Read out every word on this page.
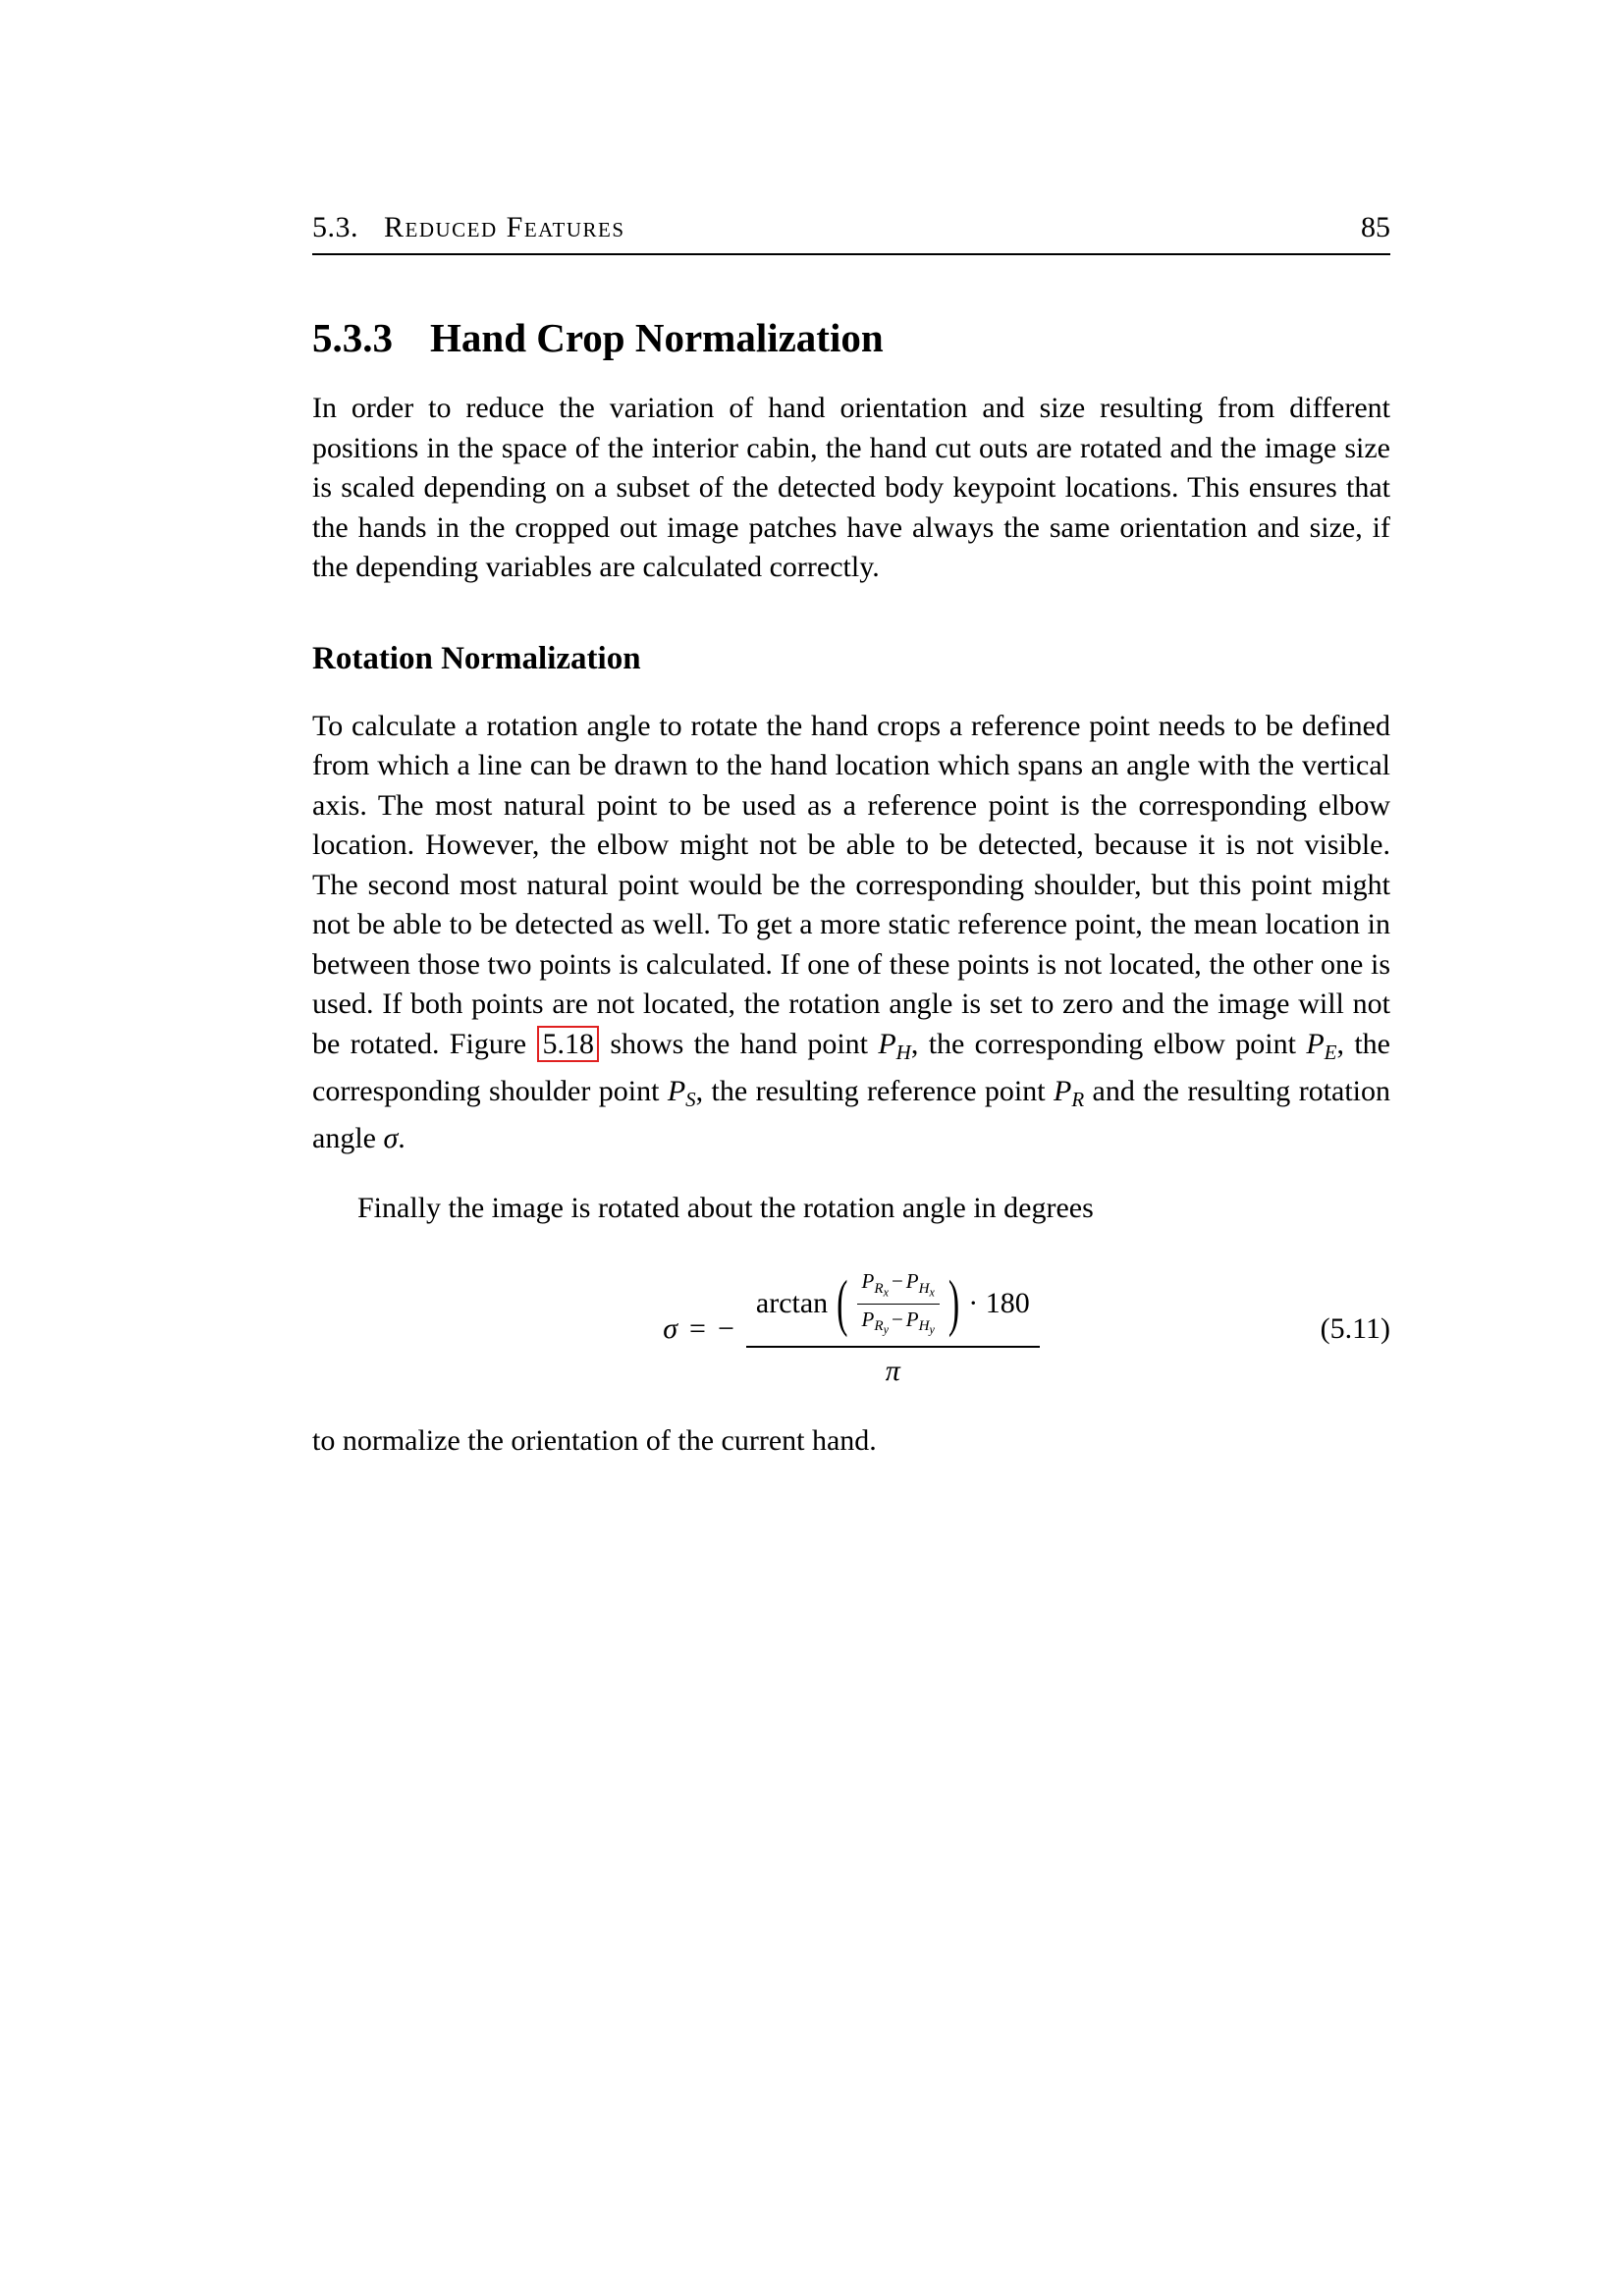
5.3. Reduced Features	85
5.3.3 Hand Crop Normalization

In order to reduce the variation of hand orientation and size resulting from different positions in the space of the interior cabin, the hand cut outs are rotated and the image size is scaled depending on a subset of the detected body keypoint locations. This ensures that the hands in the cropped out image patches have always the same orientation and size, if the depending variables are calculated correctly.

Rotation Normalization

To calculate a rotation angle to rotate the hand crops a reference point needs to be defined from which a line can be drawn to the hand location which spans an angle with the vertical axis. The most natural point to be used as a reference point is the corresponding elbow location. However, the elbow might not be able to be detected, because it is not visible. The second most natural point would be the corresponding shoulder, but this point might not be able to be detected as well. To get a more static reference point, the mean location in between those two points is calculated. If one of these points is not located, the other one is used. If both points are not located, the rotation angle is set to zero and the image will not be rotated. Figure 5.18 shows the hand point PH, the corresponding elbow point PE, the corresponding shoulder point PS, the resulting reference point PR and the resulting rotation angle σ.

Finally the image is rotated about the rotation angle in degrees

σ = −
arctan ( $\frac{P_{R_x} - P_{H_x}}{P_{R_y} - P_{H_y}}$ ) · 180
π
(5.11)

to normalize the orientation of the current hand.
